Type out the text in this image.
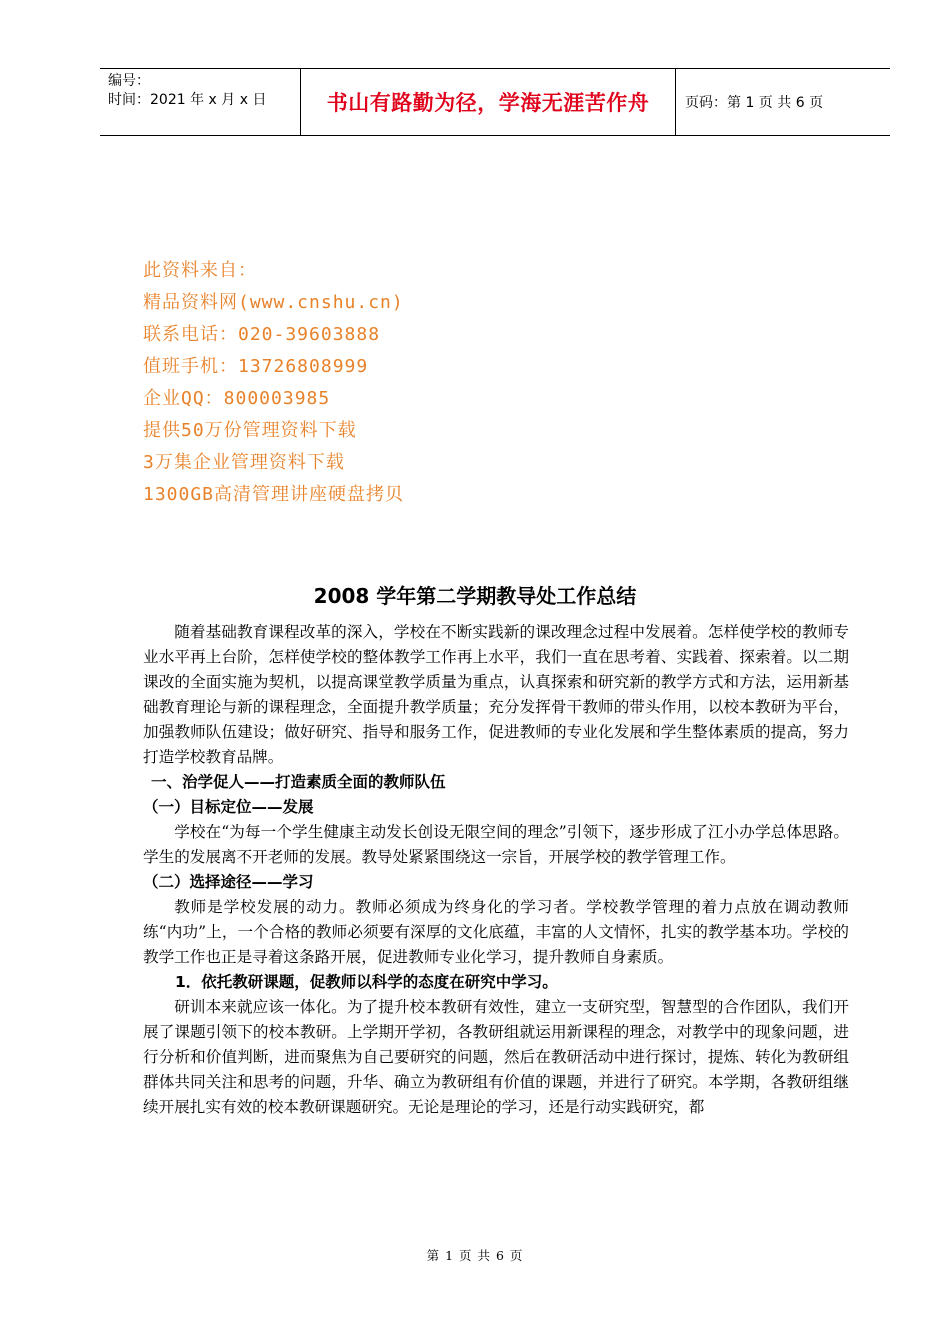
编号：
时间：2021 年 x 月 x 日	书山有路勤为径，学海无涯苦作舟	页码：第 1 页 共 6 页
此资料来自：
精品资料网(www.cnshu.cn)
联系电话：020-39603888
值班手机：13726808999
企业QQ：800003985
提供50万份管理资料下载
3万集企业管理资料下载
1300GB高清管理讲座硬盘拷贝
2008 学年第二学期教导处工作总结

随着基础教育课程改革的深入，学校在不断实践新的课改理念过程中发展着。怎样使学校的教师专业水平再上台阶，怎样使学校的整体教学工作再上水平，我们一直在思考着、实践着、探索着。以二期课改的全面实施为契机，以提高课堂教学质量为重点，认真探索和研究新的教学方式和方法，运用新基础教育理论与新的课程理念，全面提升教学质量；充分发挥骨干教师的带头作用，以校本教研为平台，加强教师队伍建设；做好研究、指导和服务工作，促进教师的专业化发展和学生整体素质的提高，努力打造学校教育品牌。

一、治学促人——打造素质全面的教师队伍

（一）目标定位——发展

学校在“为每一个学生健康主动发长创设无限空间的理念”引领下，逐步形成了江小办学总体思路。学生的发展离不开老师的发展。教导处紧紧围绕这一宗旨，开展学校的教学管理工作。

（二）选择途径——学习

教师是学校发展的动力。教师必须成为终身化的学习者。学校教学管理的着力点放在调动教师练“内功”上，一个合格的教师必须要有深厚的文化底蕴，丰富的人文情怀，扎实的教学基本功。学校的教学工作也正是寻着这条路开展，促进教师专业化学习，提升教师自身素质。

1．依托教研课题，促教师以科学的态度在研究中学习。

研训本来就应该一体化。为了提升校本教研有效性，建立一支研究型，智慧型的合作团队，我们开展了课题引领下的校本教研。上学期开学初，各教研组就运用新课程的理念，对教学中的现象问题，进行分析和价值判断，进而聚焦为自己要研究的问题，然后在教研活动中进行探讨，提炼、转化为教研组群体共同关注和思考的问题，升华、确立为教研组有价值的课题，并进行了研究。本学期，各教研组继续开展扎实有效的校本教研课题研究。无论是理论的学习，还是行动实践研究，都

第 1 页 共 6 页
